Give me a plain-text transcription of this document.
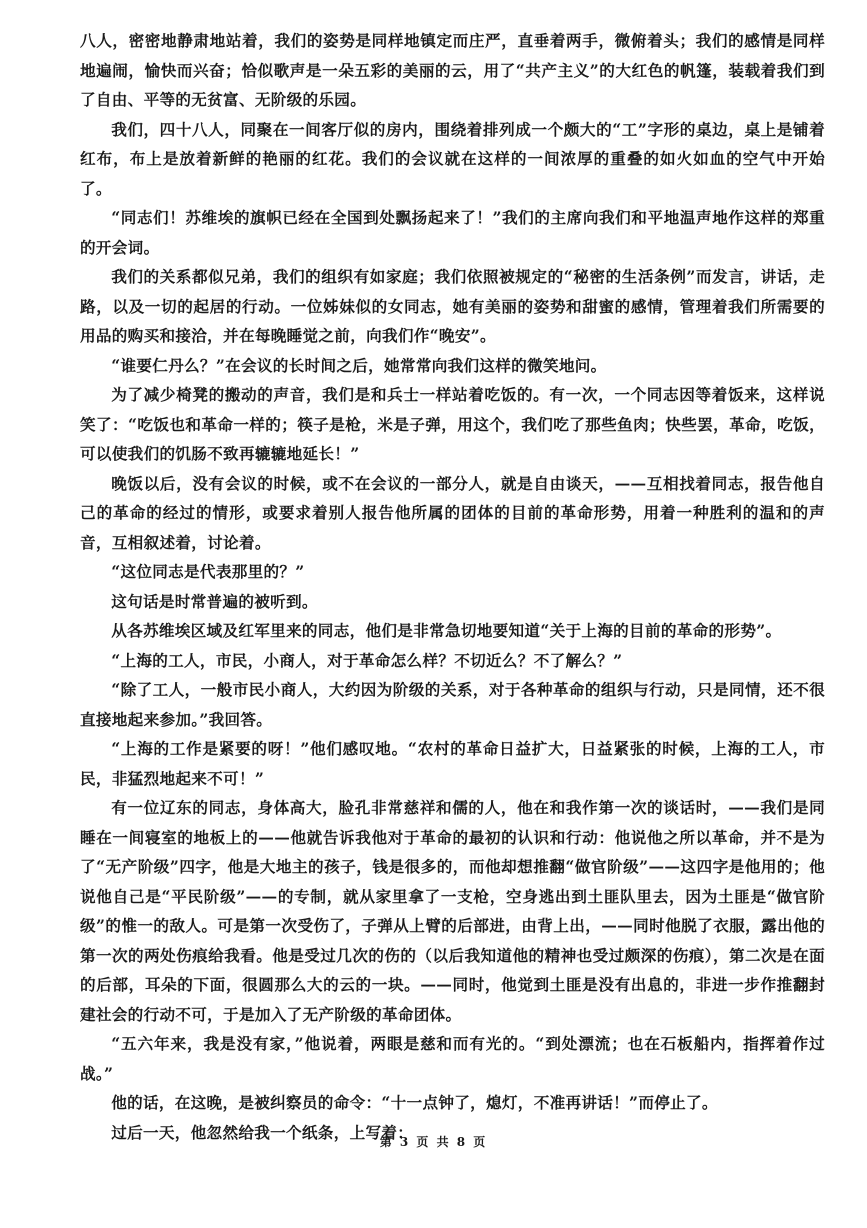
八人，密密地静肃地站着，我们的姿势是同样地镇定而庄严，直垂着两手，微俯着头；我们的感情是同样地遍闹，愉快而兴奋；恰似歌声是一朵五彩的美丽的云，用了“共产主义”的大红色的帆篷，装载着我们到了自由、平等的无贫富、无阶级的乐园。

我们，四十八人，同聚在一间客厅似的房内，围绕着排列成一个颇大的“工”字形的桌边，桌上是铺着红布，布上是放着新鲜的艳丽的红花。我们的会议就在这样的一间浓厚的重叠的如火如血的空气中开始了。

“同志们！苏维埃的旗帜已经在全国到处飘扬起来了！”我们的主席向我们和平地温声地作这样的郑重的开会词。

我们的关系都似兄弟，我们的组织有如家庭；我们依照被规定的“秘密的生活条例”而发言，讲话，走路，以及一切的起居的行动。一位姊妹似的女同志，她有美丽的姿势和甜蜜的感情，管理着我们所需要的用品的购买和接洽，并在每晚睡觉之前，向我们作“晚安”。

“谁要仁丹么？”在会议的长时间之后，她常常向我们这样的微笑地问。

为了减少椅凳的搬动的声音，我们是和兵士一样站着吃饭的。有一次，一个同志因等着饭来，这样说笑了：“吃饭也和革命一样的；筷子是枪，米是子弹，用这个，我们吃了那些鱼肉；快些罢，革命，吃饭，可以使我们的饥肠不致再辘辘地延长！”

晚饭以后，没有会议的时候，或不在会议的一部分人，就是自由谈天，——互相找着同志，报告他自己的革命的经过的情形，或要求着别人报告他所属的团体的目前的革命形势，用着一种胜利的温和的声音，互相叙述着，讨论着。

“这位同志是代表那里的？”

这句话是时常普遍的被听到。

从各苏维埃区域及红军里来的同志，他们是非常急切地要知道“关于上海的目前的革命的形势”。

“上海的工人，市民，小商人，对于革命怎么样？不切近么？不了解么？”

“除了工人，一般市民小商人，大约因为阶级的关系，对于各种革命的组织与行动，只是同情，还不很直接地起来参加。”我回答。

“上海的工作是紧要的呀！”他们感叹地。“农村的革命日益扩大，日益紧张的时候，上海的工人，市民，非猛烈地起来不可！”

有一位辽东的同志，身体高大，脸孔非常慈祥和儒的人，他在和我作第一次的谈话时，——我们是同睡在一间寝室的地板上的——他就告诉我他对于革命的最初的认识和行动：他说他之所以革命，并不是为了“无产阶级”四字，他是大地主的孩子，钱是很多的，而他却想推翻“做官阶级”——这四字是他用的；他说他自己是“平民阶级”——的专制，就从家里拿了一支枪，空身逃出到土匪队里去，因为土匪是“做官阶级”的惟一的敌人。可是第一次受伤了，子弹从上臂的后部进，由背上出，——同时他脱了衣服，露出他的第一次的两处伤痕给我看。他是受过几次的伤的（以后我知道他的精神也受过颇深的伤痕），第二次是在面的后部，耳朵的下面，很圆那么大的云的一块。——同时，他觉到土匪是没有出息的，非进一步作推翻封建社会的行动不可，于是加入了无产阶级的革命团体。

“五六年来，我是没有家，”他说着，两眼是慈和而有光的。“到处漂流；也在石板船内，指挥着作过战。”

他的话，在这晚，是被纠察员的命令：“十一点钟了，熄灯，不准再讲话！”而停止了。

过后一天，他忽然给我一个纸条，上写着：

第 3 页 共 8 页
